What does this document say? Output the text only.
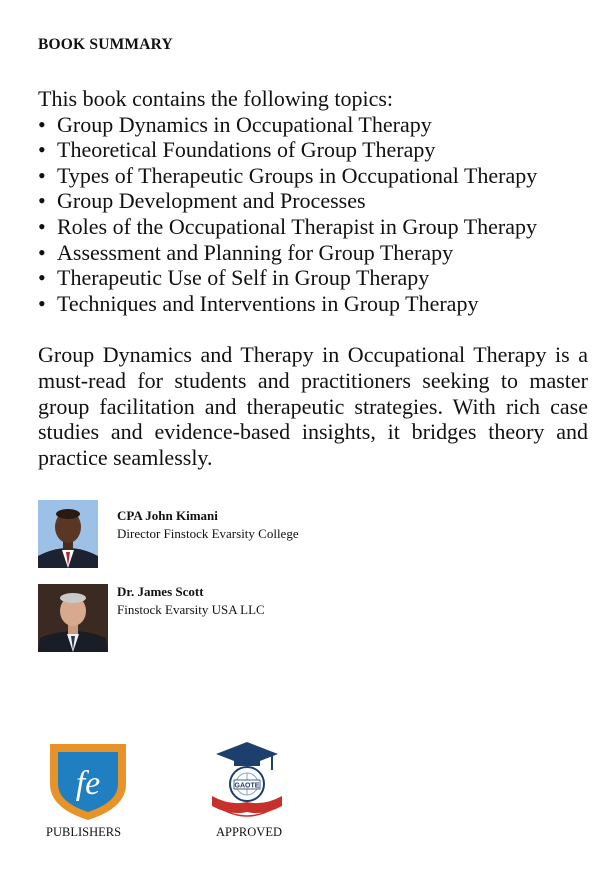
BOOK SUMMARY
This book contains the following topics:
• Group Dynamics in Occupational Therapy
• Theoretical Foundations of Group Therapy
• Types of Therapeutic Groups in Occupational Therapy
• Group Development and Processes
• Roles of the Occupational Therapist in Group Therapy
• Assessment and Planning for Group Therapy
• Therapeutic Use of Self in Group Therapy
• Techniques and Interventions in Group Therapy
Group Dynamics and Therapy in Occupational Therapy is a must-read for students and practitioners seeking to master group facilitation and therapeutic strategies. With rich case studies and evidence-based insights, it bridges theory and practice seamlessly.
CPA John Kimani
Director Finstock Evarsity College
Dr. James Scott
Finstock Evarsity USA LLC
fe
PUBLISHERS
GAOTE
APPROVED
